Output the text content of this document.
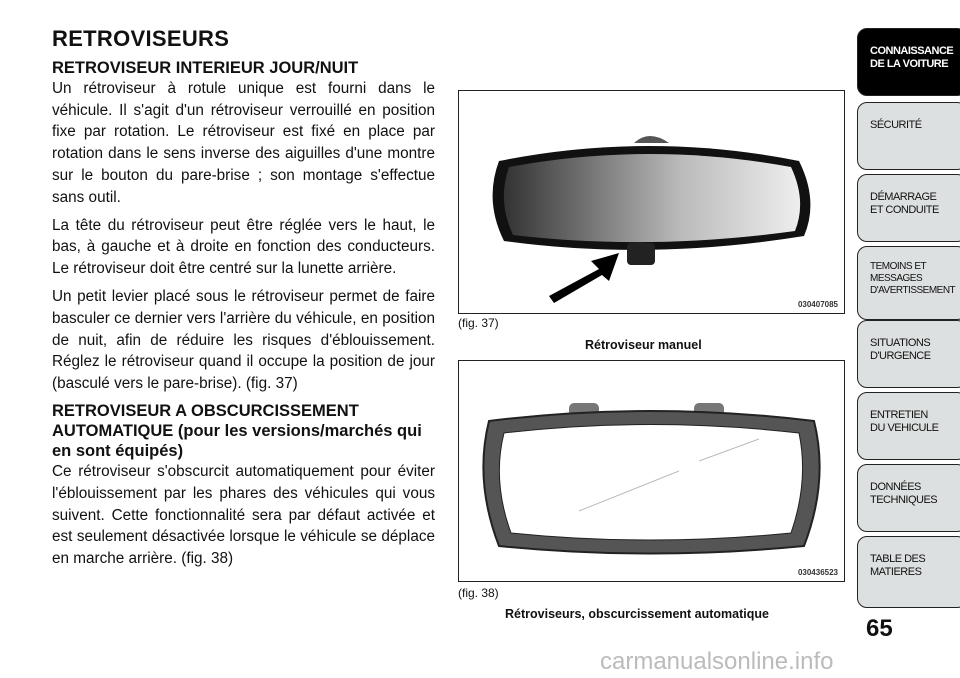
RETROVISEURS
RETROVISEUR INTERIEUR JOUR/NUIT

Un rétroviseur à rotule unique est fourni dans le véhicule. Il s'agit d'un rétroviseur verrouillé en position fixe par rotation. Le rétroviseur est fixé en place par rotation dans le sens inverse des aiguilles d'une montre sur le bouton du pare-brise ; son montage s'effectue sans outil.

La tête du rétroviseur peut être réglée vers le haut, le bas, à gauche et à droite en fonction des conducteurs. Le rétroviseur doit être centré sur la lunette arrière.

Un petit levier placé sous le rétroviseur permet de faire basculer ce dernier vers l'arrière du véhicule, en position de nuit, afin de réduire les risques d'éblouissement. Réglez le rétroviseur quand il occupe la position de jour (basculé vers le pare-brise). (fig. 37)

RETROVISEUR A OBSCURCISSEMENT AUTOMATIQUE (pour les versions/marchés qui en sont équipés)

Ce rétroviseur s'obscurcit automatiquement pour éviter l'éblouissement par les phares des véhicules qui vous suivent. Cette fonctionnalité sera par défaut activée et est seulement désactivée lorsque le véhicule se déplace en marche arrière. (fig. 38)

030407085
(fig. 37)
Rétroviseur manuel
030436523
(fig. 38)
Rétroviseurs, obscurcissement automatique
CONNAISSANCE
DE LA VOITURE
SÉCURITÉ
DÉMARRAGE
ET CONDUITE
TEMOINS ET
MESSAGES
D'AVERTISSEMENT
SITUATIONS
D'URGENCE
ENTRETIEN
DU VEHICULE
DONNÉES
TECHNIQUES
TABLE DES
MATIERES
65
carmanualsonline.info
